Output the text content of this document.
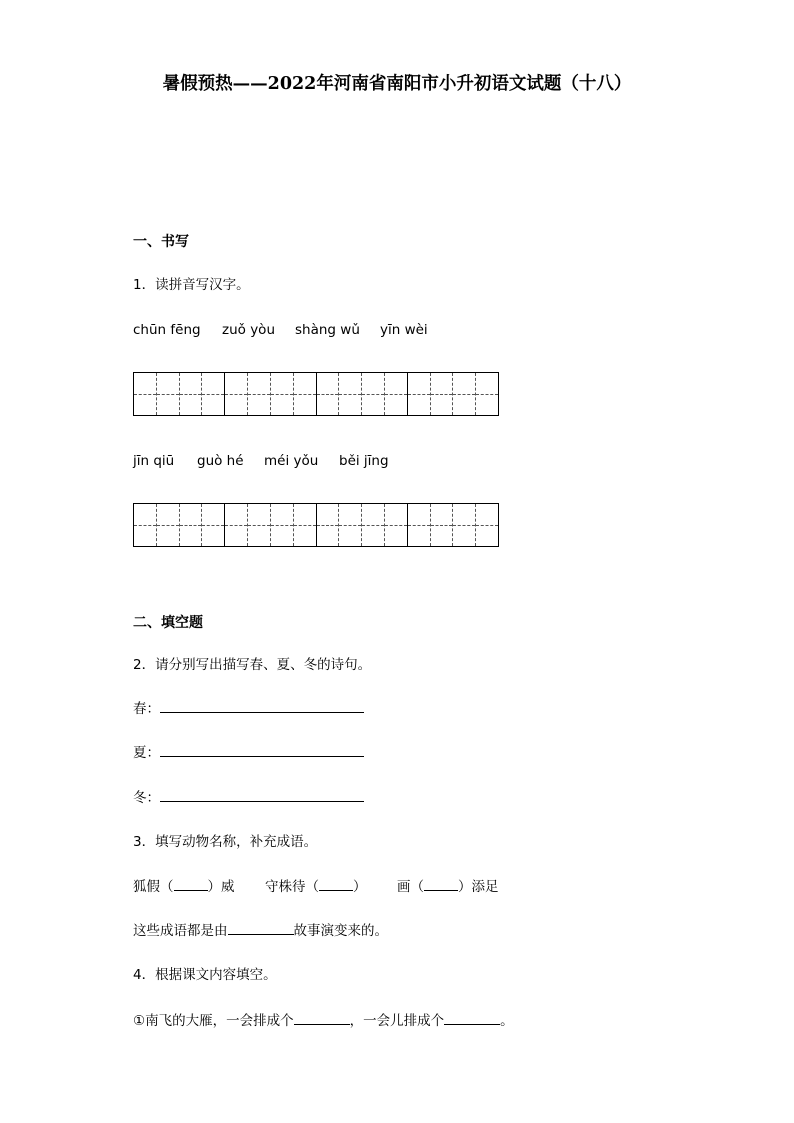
暑假预热——2022年河南省南阳市小升初语文试题（十八）
一、书写
1．读拼音写汉字。
chūn fēng zuǒ yòu shàng wǔ yīn wèi
jīn qiū guò hé méi yǒu běi jīng
二、填空题
2．请分别写出描写春、夏、冬的诗句。
春：
夏：
冬：
3．填写动物名称，补充成语。
狐假（	）威 守株待（	） 画（	）添足
这些成语都是由	故事演变来的。
4．根据课文内容填空。
①南飞的大雁，一会排成个	，一会儿排成个	。
